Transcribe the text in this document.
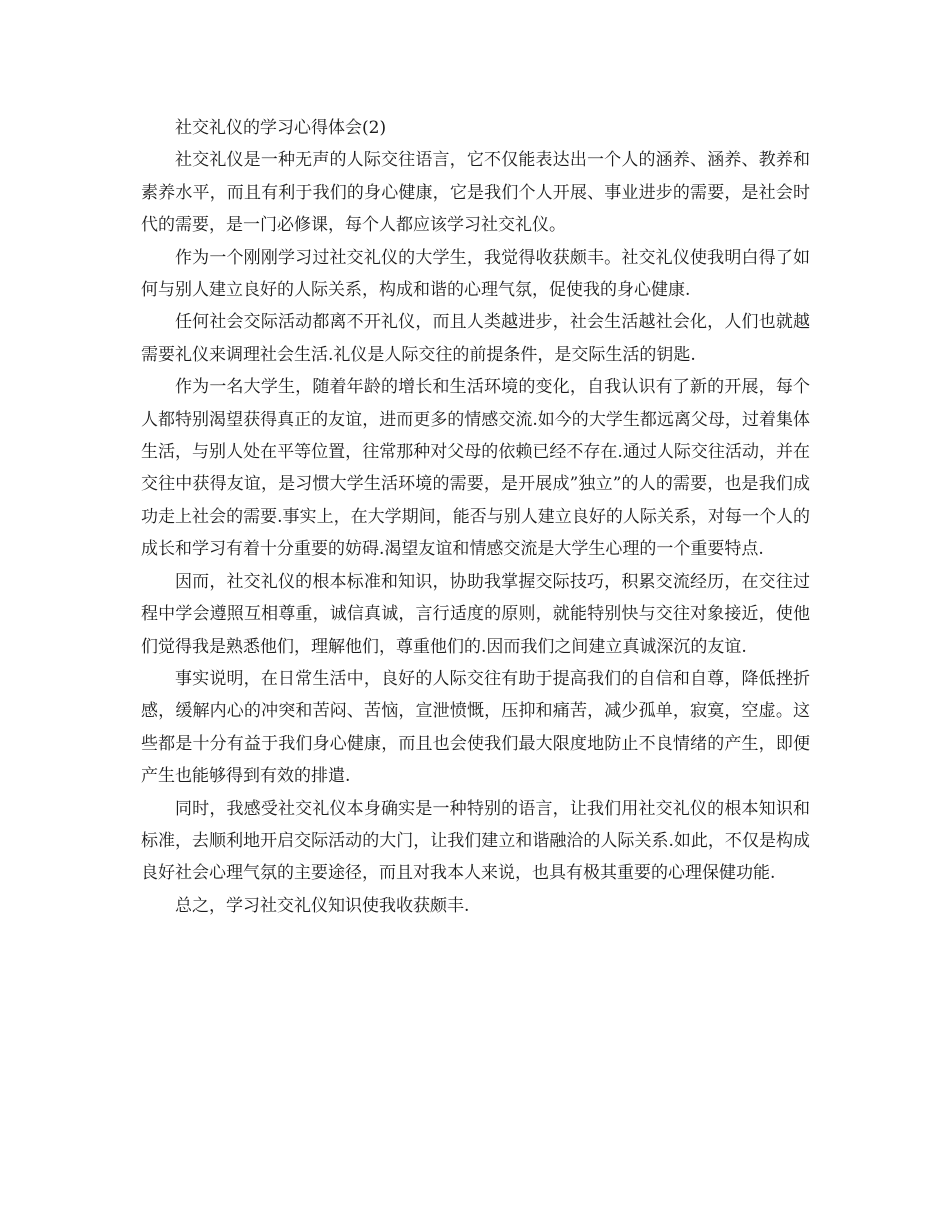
社交礼仪的学习心得体会(2)

社交礼仪是一种无声的人际交往语言，它不仅能表达出一个人的涵养、涵养、教养和素养水平，而且有利于我们的身心健康，它是我们个人开展、事业进步的需要，是社会时代的需要，是一门必修课，每个人都应该学习社交礼仪。

作为一个刚刚学习过社交礼仪的大学生，我觉得收获颇丰。社交礼仪使我明白得了如何与别人建立良好的人际关系，构成和谐的心理气氛，促使我的身心健康.

任何社会交际活动都离不开礼仪，而且人类越进步，社会生活越社会化，人们也就越需要礼仪来调理社会生活.礼仪是人际交往的前提条件，是交际生活的钥匙.

作为一名大学生，随着年龄的增长和生活环境的变化，自我认识有了新的开展，每个人都特别渴望获得真正的友谊，进而更多的情感交流.如今的大学生都远离父母，过着集体生活，与别人处在平等位置，往常那种对父母的依赖已经不存在.通过人际交往活动，并在交往中获得友谊，是习惯大学生活环境的需要，是开展成”独立”的人的需要，也是我们成功走上社会的需要.事实上，在大学期间，能否与别人建立良好的人际关系，对每一个人的成长和学习有着十分重要的妨碍.渴望友谊和情感交流是大学生心理的一个重要特点.

因而，社交礼仪的根本标准和知识，协助我掌握交际技巧，积累交流经历，在交往过程中学会遵照互相尊重，诚信真诚，言行适度的原则，就能特别快与交往对象接近，使他们觉得我是熟悉他们，理解他们，尊重他们的.因而我们之间建立真诚深沉的友谊.

事实说明，在日常生活中，良好的人际交往有助于提高我们的自信和自尊，降低挫折感，缓解内心的冲突和苦闷、苦恼，宣泄愤慨，压抑和痛苦，减少孤单，寂寞，空虚。这些都是十分有益于我们身心健康，而且也会使我们最大限度地防止不良情绪的产生，即便产生也能够得到有效的排遣.

同时，我感受社交礼仪本身确实是一种特别的语言，让我们用社交礼仪的根本知识和标准，去顺利地开启交际活动的大门，让我们建立和谐融洽的人际关系.如此，不仅是构成良好社会心理气氛的主要途径，而且对我本人来说，也具有极其重要的心理保健功能.

总之，学习社交礼仪知识使我收获颇丰.
